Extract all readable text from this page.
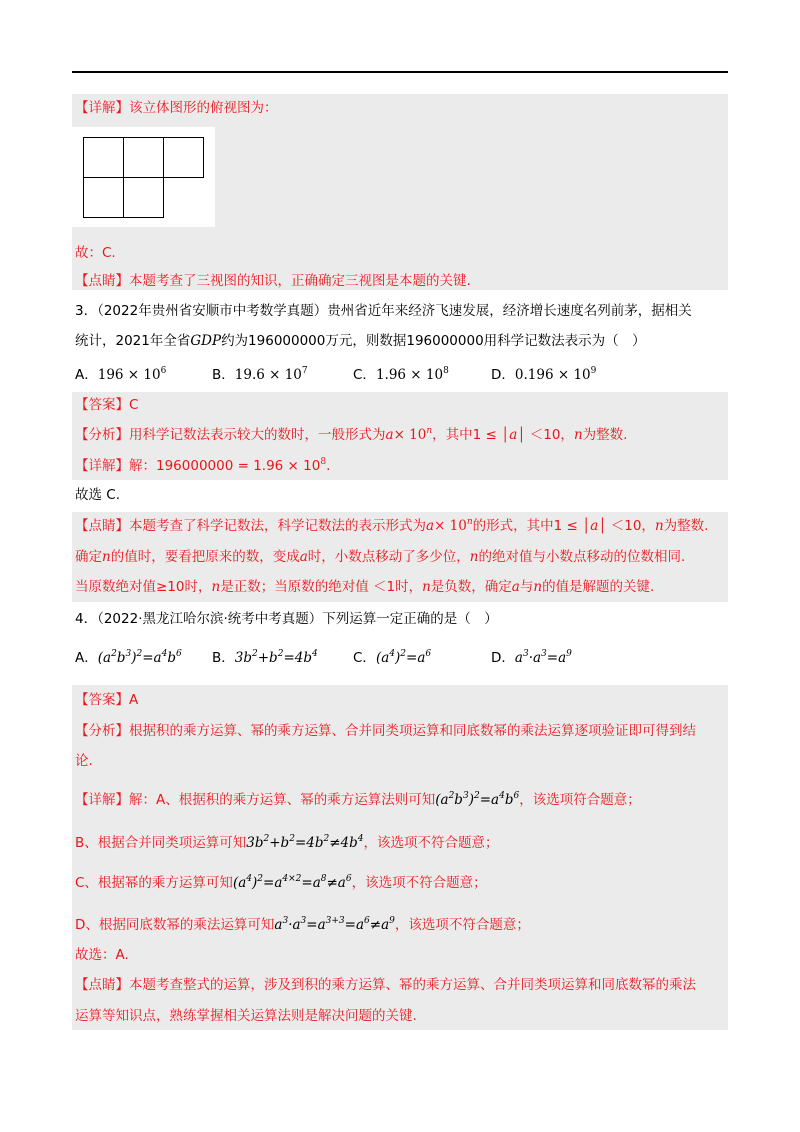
【详解】该立体图形的俯视图为：
故：C.
【点睛】本题考查了三视图的知识，正确确定三视图是本题的关键.
3．（2022年贵州省安顺市中考数学真题）贵州省近年来经济飞速发展，经济增长速度名列前茅，据相关
统计，2021年全省GDP约为196000000万元，则数据196000000用科学记数法表示为（　）
A．$196 \times 10^6$	B．$19.6 \times 10^7$	C．$1.96 \times 10^8$	D．$0.196 \times 10^9$
【答案】C
【分析】用科学记数法表示较大的数时，一般形式为$a\times 10^n$，其中1 ≤ │a│ ＜10，n为整数.
【详解】解：$196000000 = 1.96 \times 10^8$.
故选 C.
【点睛】本题考查了科学记数法，科学记数法的表示形式为$a\times 10^n$的形式，其中1 ≤ │a│ ＜10，n为整数.
确定n的值时，要看把原来的数，变成a时，小数点移动了多少位，n的绝对值与小数点移动的位数相同.
当原数绝对值≥10时，n是正数；当原数的绝对值 ＜1时，n是负数，确定a与n的值是解题的关键.
4．（2022·黑龙江哈尔滨·统考中考真题）下列运算一定正确的是（　）
A．$(a^2b^3)^2=a^4b^6$ B．$3b^2+b^2=4b^4$	C．$(a^4)^2=a^6$	D．$a^3\cdot a^3=a^9$
【答案】A
【分析】根据积的乘方运算、幂的乘方运算、合并同类项运算和同底数幂的乘法运算逐项验证即可得到结
论.
【详解】解：A、根据积的乘方运算、幂的乘方运算法则可知$(a^2b^3)^2=a^4b^6$，该选项符合题意；
B、根据合并同类项运算可知$3b^2+b^2=4b^2\ne 4b^4$，该选项不符合题意；
C、根据幂的乘方运算可知$(a^4)^2=a^{4\times 2}=a^8\ne a^6$，该选项不符合题意；
D、根据同底数幂的乘法运算可知$a^3\cdot a^3=a^{3+3}=a^6\ne a^9$，该选项不符合题意；
故选：A.
【点睛】本题考查整式的运算，涉及到积的乘方运算、幂的乘方运算、合并同类项运算和同底数幂的乘法
运算等知识点，熟练掌握相关运算法则是解决问题的关键.
